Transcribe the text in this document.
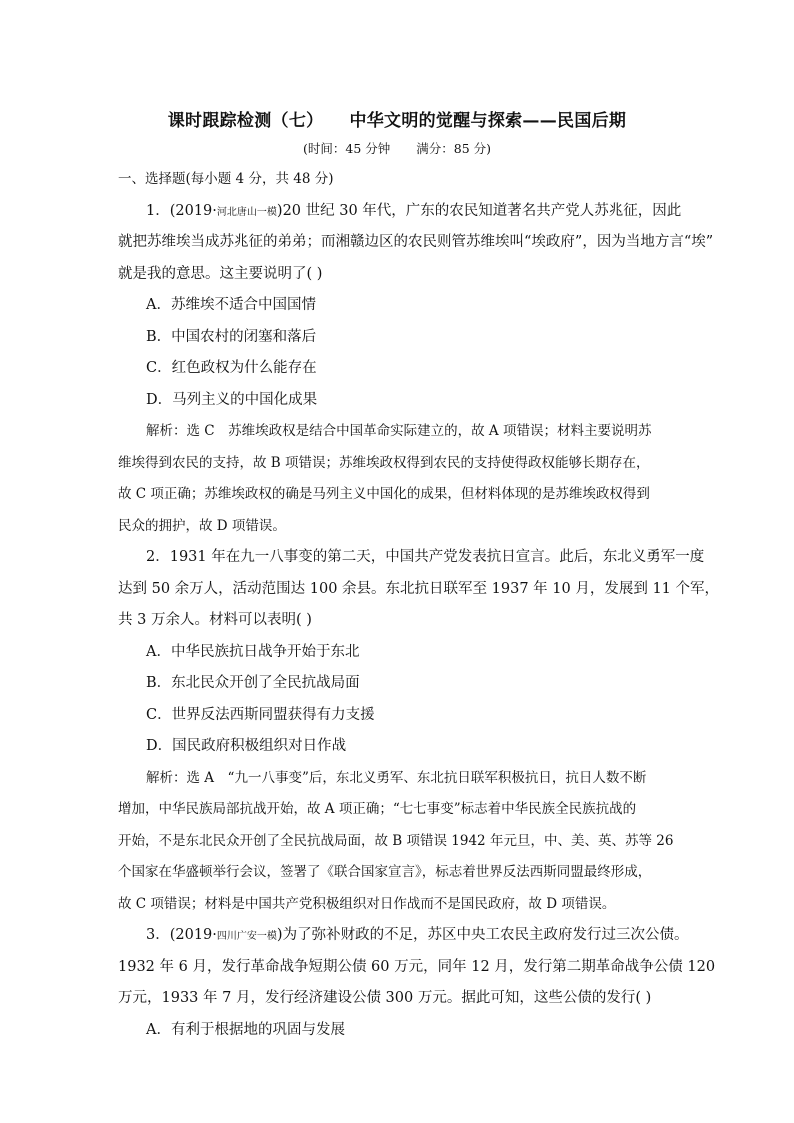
课时跟踪检测（七） 中华文明的觉醒与探索——民国后期
(时间：45 分钟 满分：85 分)
一、选择题(每小题 4 分，共 48 分)
1．(2019·河北唐山一模)20 世纪 30 年代，广东的农民知道著名共产党人苏兆征，因此
就把苏维埃当成苏兆征的弟弟；而湘赣边区的农民则管苏维埃叫“埃政府”，因为当地方言“埃”
就是我的意思。这主要说明了( )
A．苏维埃不适合中国国情
B．中国农村的闭塞和落后
C．红色政权为什么能存在
D．马列主义的中国化成果
解析：选 C　苏维埃政权是结合中国革命实际建立的，故 A 项错误；材料主要说明苏
维埃得到农民的支持，故 B 项错误；苏维埃政权得到农民的支持使得政权能够长期存在，
故 C 项正确；苏维埃政权的确是马列主义中国化的成果，但材料体现的是苏维埃政权得到
民众的拥护，故 D 项错误。
2．1931 年在九一八事变的第二天，中国共产党发表抗日宣言。此后，东北义勇军一度
达到 50 余万人，活动范围达 100 余县。东北抗日联军至 1937 年 10 月，发展到 11 个军，
共 3 万余人。材料可以表明( )
A．中华民族抗日战争开始于东北
B．东北民众开创了全民抗战局面
C．世界反法西斯同盟获得有力支援
D．国民政府积极组织对日作战
解析：选 A　“九一八事变”后，东北义勇军、东北抗日联军积极抗日，抗日人数不断
增加，中华民族局部抗战开始，故 A 项正确；“七七事变”标志着中华民族全民族抗战的
开始，不是东北民众开创了全民抗战局面，故 B 项错误 1942 年元旦，中、美、英、苏等 26
个国家在华盛顿举行会议，签署了《联合国家宣言》，标志着世界反法西斯同盟最终形成，
故 C 项错误；材料是中国共产党积极组织对日作战而不是国民政府，故 D 项错误。
3．(2019·四川广安一模)为了弥补财政的不足，苏区中央工农民主政府发行过三次公债。
1932 年 6 月，发行革命战争短期公债 60 万元，同年 12 月，发行第二期革命战争公债 120
万元，1933 年 7 月，发行经济建设公债 300 万元。据此可知，这些公债的发行( )
A．有利于根据地的巩固与发展
